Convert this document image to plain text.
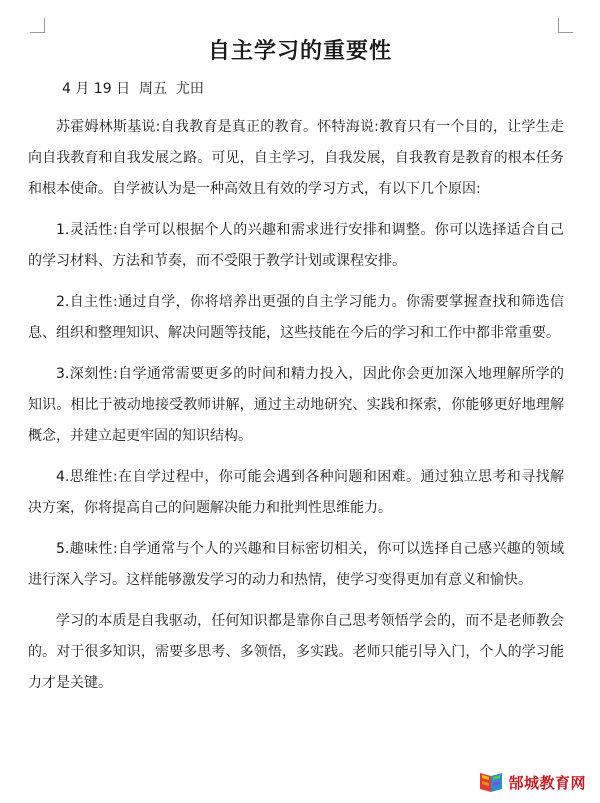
自主学习的重要性
4 月 19 日  周五  尤田

苏霍姆林斯基说:自我教育是真正的教育。怀特海说:教育只有一个目的，让学生走向自我教育和自我发展之路。可见，自主学习，自我发展，自我教育是教育的根本任务和根本使命。自学被认为是一种高效且有效的学习方式，有以下几个原因:

1.灵活性:自学可以根据个人的兴趣和需求进行安排和调整。你可以选择适合自己的学习材料、方法和节奏，而不受限于教学计划或课程安排。

2.自主性:通过自学，你将培养出更强的自主学习能力。你需要掌握查找和筛选信息、组织和整理知识、解决问题等技能，这些技能在今后的学习和工作中都非常重要。

3.深刻性:自学通常需要更多的时间和精力投入，因此你会更加深入地理解所学的知识。相比于被动地接受教师讲解，通过主动地研究、实践和探索，你能够更好地理解概念，并建立起更牢固的知识结构。

4.思维性:在自学过程中，你可能会遇到各种问题和困难。通过独立思考和寻找解决方案，你将提高自己的问题解决能力和批判性思维能力。

5.趣味性:自学通常与个人的兴趣和目标密切相关，你可以选择自己感兴趣的领域进行深入学习。这样能够激发学习的动力和热情，使学习变得更加有意义和愉快。

学习的本质是自我驱动，任何知识都是靠你自己思考领悟学会的，而不是老师教会的。对于很多知识，需要多思考、多领悟，多实践。老师只能引导入门，个人的学习能力才是关键。

郜城教育网
